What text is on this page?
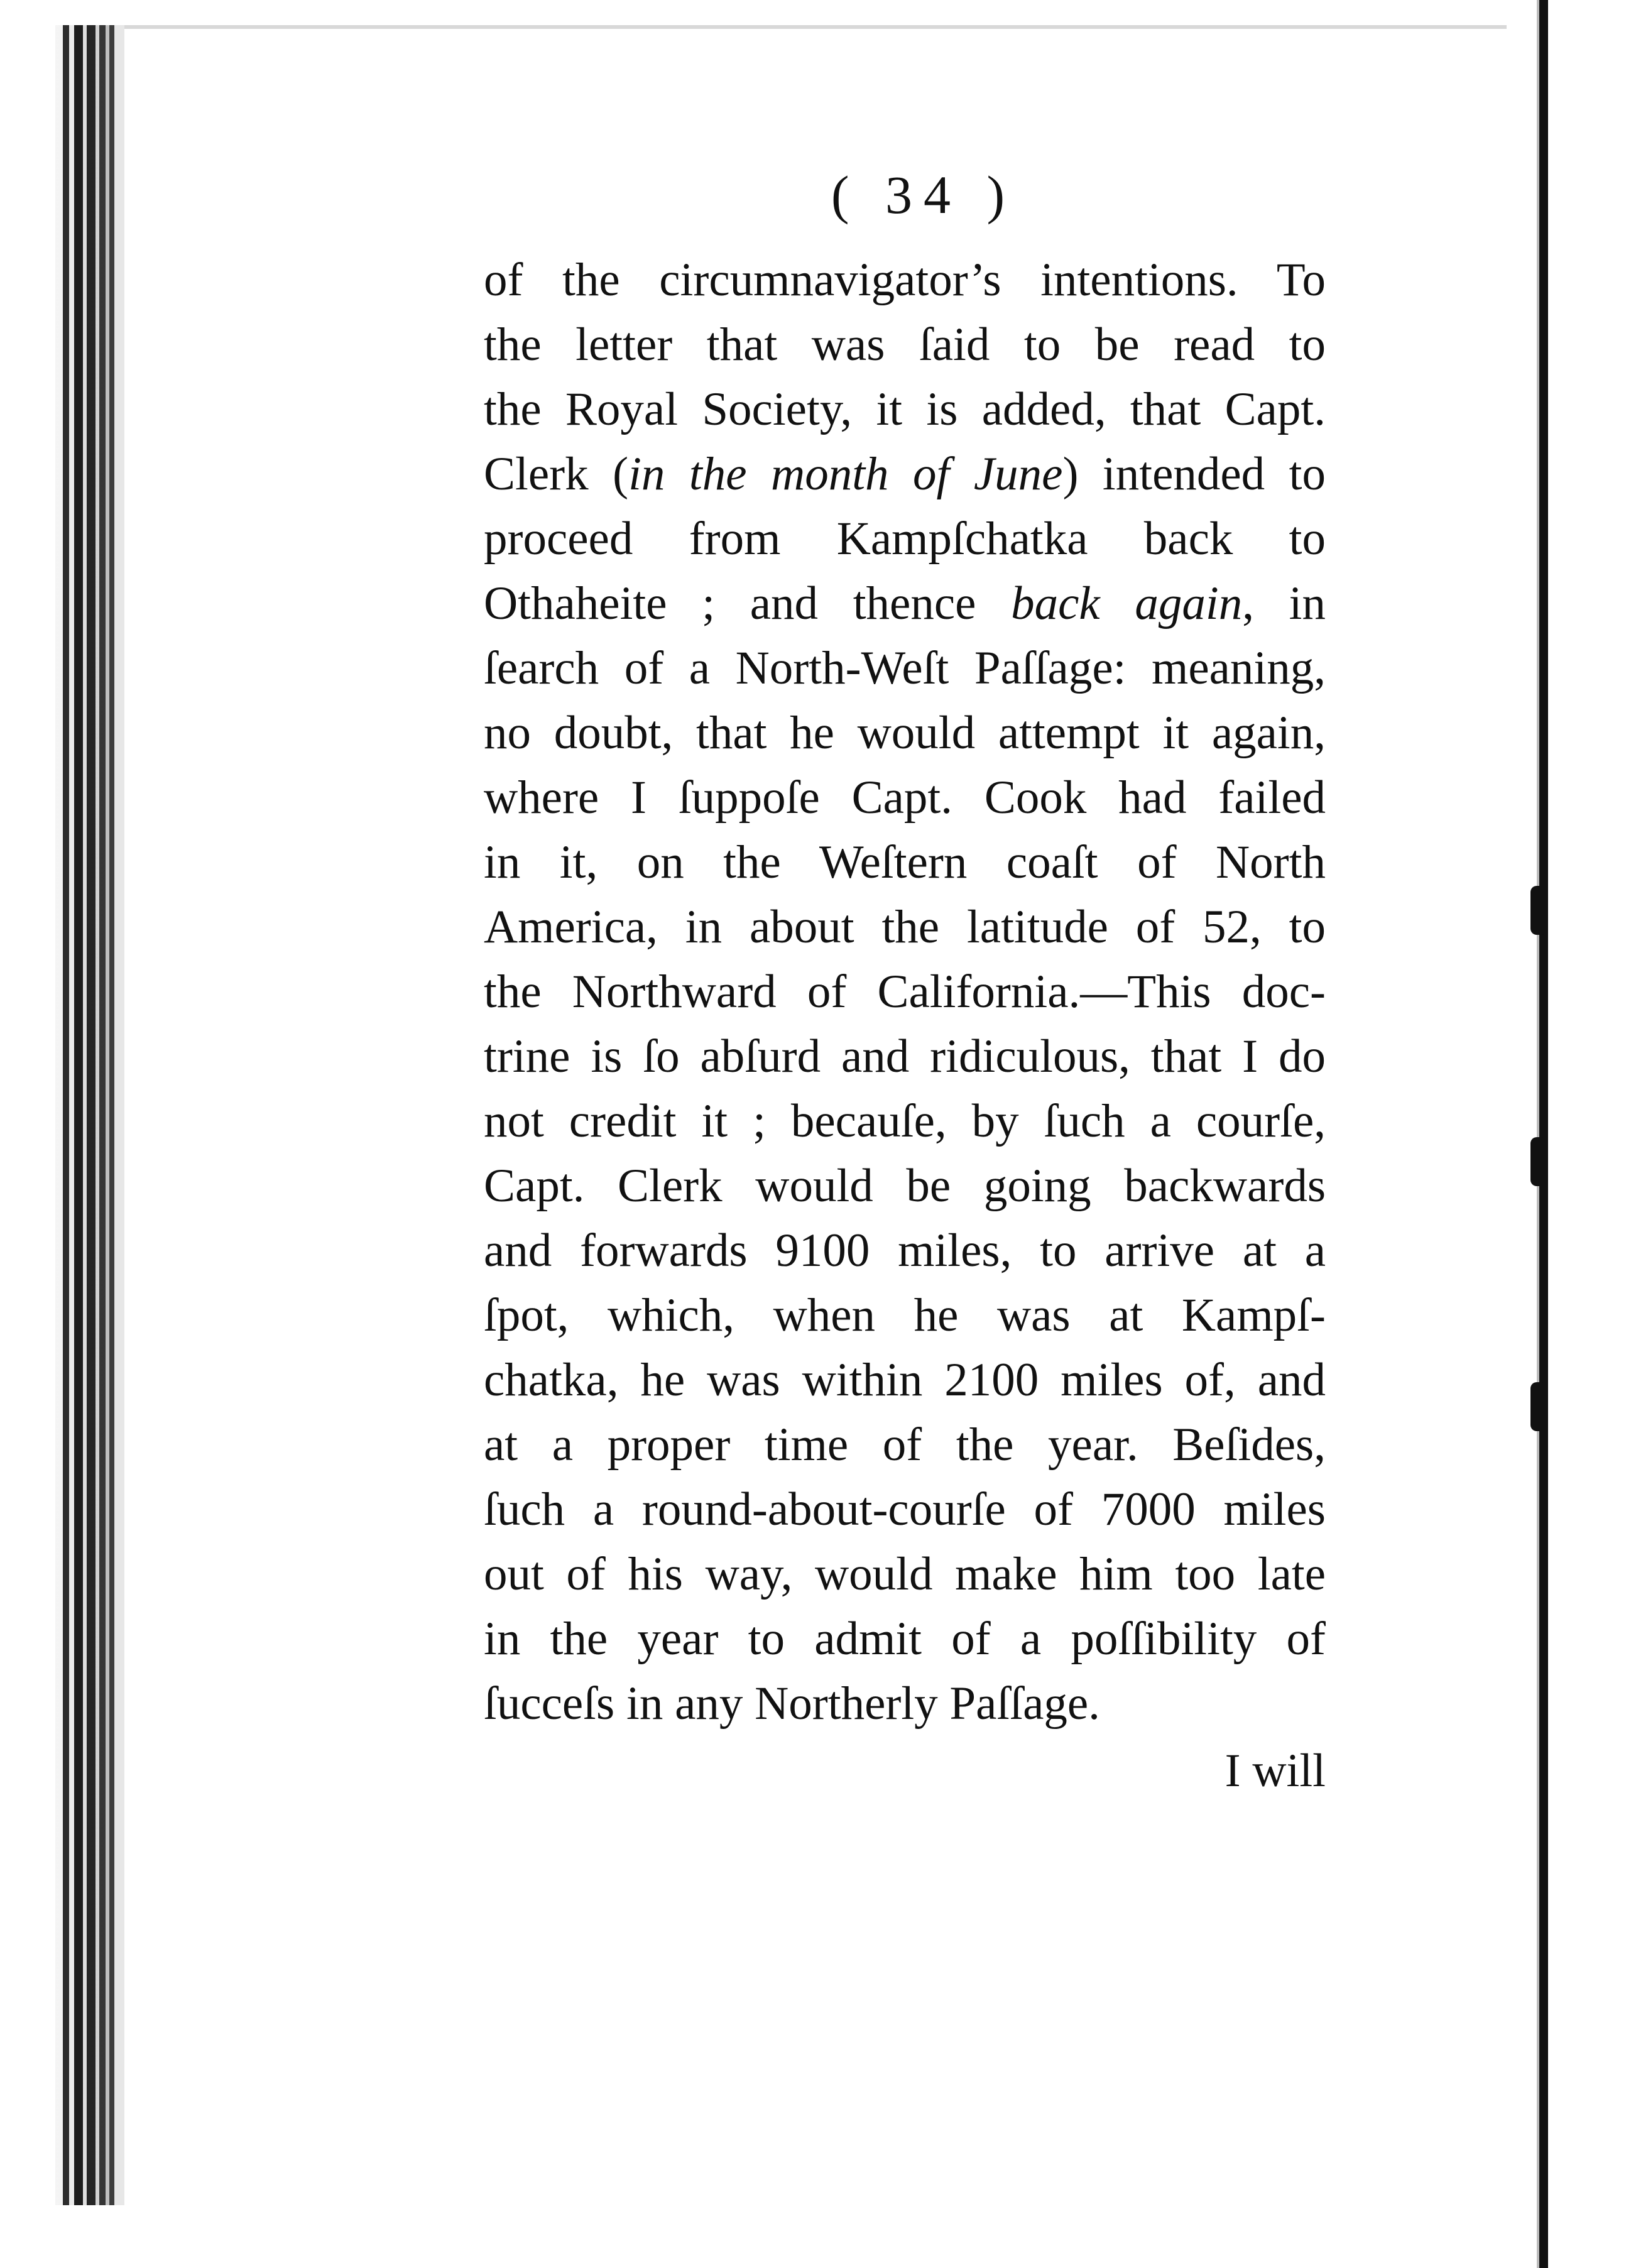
( 34 )
of the circumnavigator’s intentions. To
the letter that was ſaid to be read to
the Royal Society, it is added, that Capt.
Clerk (in the month of June) intended to
proceed from Kampſchatka back to
Othaheite ; and thence back again, in
ſearch of a North-Weſt Paſſage: meaning,
no doubt, that he would attempt it again,
where I ſuppoſe Capt. Cook had failed
in it, on the Weſtern coaſt of North
America, in about the latitude of 52, to
the Northward of California.—This doc-
trine is ſo abſurd and ridiculous, that I do
not credit it ; becauſe, by ſuch a courſe,
Capt. Clerk would be going backwards
and forwards 9100 miles, to arrive at a
ſpot, which, when he was at Kampſ-
chatka, he was within 2100 miles of, and
at a proper time of the year. Beſides,
ſuch a round-about-courſe of 7000 miles
out of his way, would make him too late
in the year to admit of a poſſibility of
ſucceſs in any Northerly Paſſage.
I will
